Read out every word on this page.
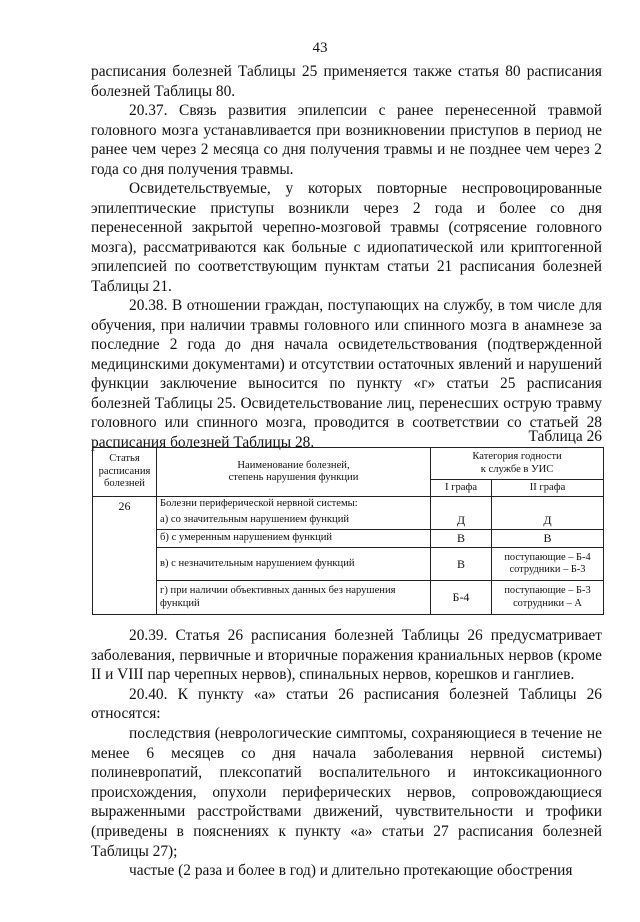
43

расписания болезней Таблицы 25 применяется также статья 80 расписания болезней Таблицы 80.

20.37. Связь развития эпилепсии с ранее перенесенной травмой головного мозга устанавливается при возникновении приступов в период не ранее чем через 2 месяца со дня получения травмы и не позднее чем через 2 года со дня получения травмы.

Освидетельствуемые, у которых повторные неспровоцированные эпилептические приступы возникли через 2 года и более со дня перенесенной закрытой черепно-мозговой травмы (сотрясение головного мозга), рассматриваются как больные с идиопатической или криптогенной эпилепсией по соответствующим пунктам статьи 21 расписания болезней Таблицы 21.

20.38. В отношении граждан, поступающих на службу, в том числе для обучения, при наличии травмы головного или спинного мозга в анамнезе за последние 2 года до дня начала освидетельствования (подтвержденной медицинскими документами) и отсутствии остаточных явлений и нарушений функции заключение выносится по пункту «г» статьи 25 расписания болезней Таблицы 25. Освидетельствование лиц, перенесших острую травму головного или спинного мозга, проводится в соответствии со статьей 28 расписания болезней Таблицы 28.	Таблица 26
Статья расписания болезней	Наименование болезней,
степень нарушения функции	Категория годности
к службе в УИС	

		I графа	II графа
26	Болезни периферической нервной системы:		
	а) со значительным нарушением функций	Д	Д
	б) с умеренным нарушением функций	В	В
	в) с незначительным нарушением функций	В	поступающие – Б-4
сотрудники – Б-3

	г) при наличии объективных данных без нарушения функций	Б-4	поступающие – Б-3
сотрудники – А

20.39. Статья 26 расписания болезней Таблицы 26 предусматривает заболевания, первичные и вторичные поражения краниальных нервов (кроме II и VIII пар черепных нервов), спинальных нервов, корешков и ганглиев.

20.40. К пункту «а» статьи 26 расписания болезней Таблицы 26 относятся:

последствия (неврологические симптомы, сохраняющиеся в течение не менее 6 месяцев со дня начала заболевания нервной системы) полиневропатий, плексопатий воспалительного и интоксикационного происхождения, опухоли периферических нервов, сопровождающиеся выраженными расстройствами движений, чувствительности и трофики (приведены в пояснениях к пункту «а» статьи 27 расписания болезней Таблицы 27);

частые (2 раза и более в год) и длительно протекающие обострения
